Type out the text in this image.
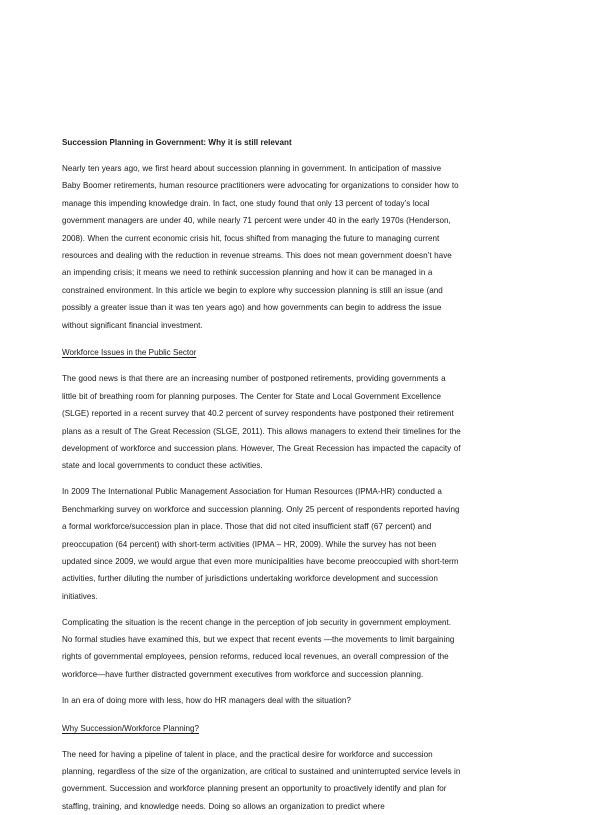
Succession Planning in Government: Why it is still relevant

Nearly ten years ago, we first heard about succession planning in government. In anticipation of massive Baby Boomer retirements, human resource practitioners were advocating for organizations to consider how to manage this impending knowledge drain. In fact, one study found that only 13 percent of today’s local government managers are under 40, while nearly 71 percent were under 40 in the early 1970s (Henderson, 2008). When the current economic crisis hit, focus shifted from managing the future to managing current resources and dealing with the reduction in revenue streams. This does not mean government doesn’t have an impending crisis; it means we need to rethink succession planning and how it can be managed in a constrained environment. In this article we begin to explore why succession planning is still an issue (and possibly a greater issue than it was ten years ago) and how governments can begin to address the issue without significant financial investment.

Workforce Issues in the Public Sector

The good news is that there are an increasing number of postponed retirements, providing governments a little bit of breathing room for planning purposes. The Center for State and Local Government Excellence (SLGE) reported in a recent survey that 40.2 percent of survey respondents have postponed their retirement plans as a result of The Great Recession (SLGE, 2011). This allows managers to extend their timelines for the development of workforce and succession plans. However, The Great Recession has impacted the capacity of state and local governments to conduct these activities.

In 2009 The International Public Management Association for Human Resources (IPMA-HR) conducted a Benchmarking survey on workforce and succession planning. Only 25 percent of respondents reported having a formal workforce/succession plan in place. Those that did not cited insufficient staff (67 percent) and preoccupation (64 percent) with short-term activities (IPMA – HR, 2009). While the survey has not been updated since 2009, we would argue that even more municipalities have become preoccupied with short-term activities, further diluting the number of jurisdictions undertaking workforce development and succession initiatives.

Complicating the situation is the recent change in the perception of job security in government employment. No formal studies have examined this, but we expect that recent events —the movements to limit bargaining rights of governmental employees, pension reforms, reduced local revenues, an overall compression of the workforce—have further distracted government executives from workforce and succession planning.

In an era of doing more with less, how do HR managers deal with the situation?

Why Succession/Workforce Planning?

The need for having a pipeline of talent in place, and the practical desire for workforce and succession planning, regardless of the size of the organization, are critical to sustained and uninterrupted service levels in government. Succession and workforce planning present an opportunity to proactively identify and plan for staffing, training, and knowledge needs. Doing so allows an organization to predict where
